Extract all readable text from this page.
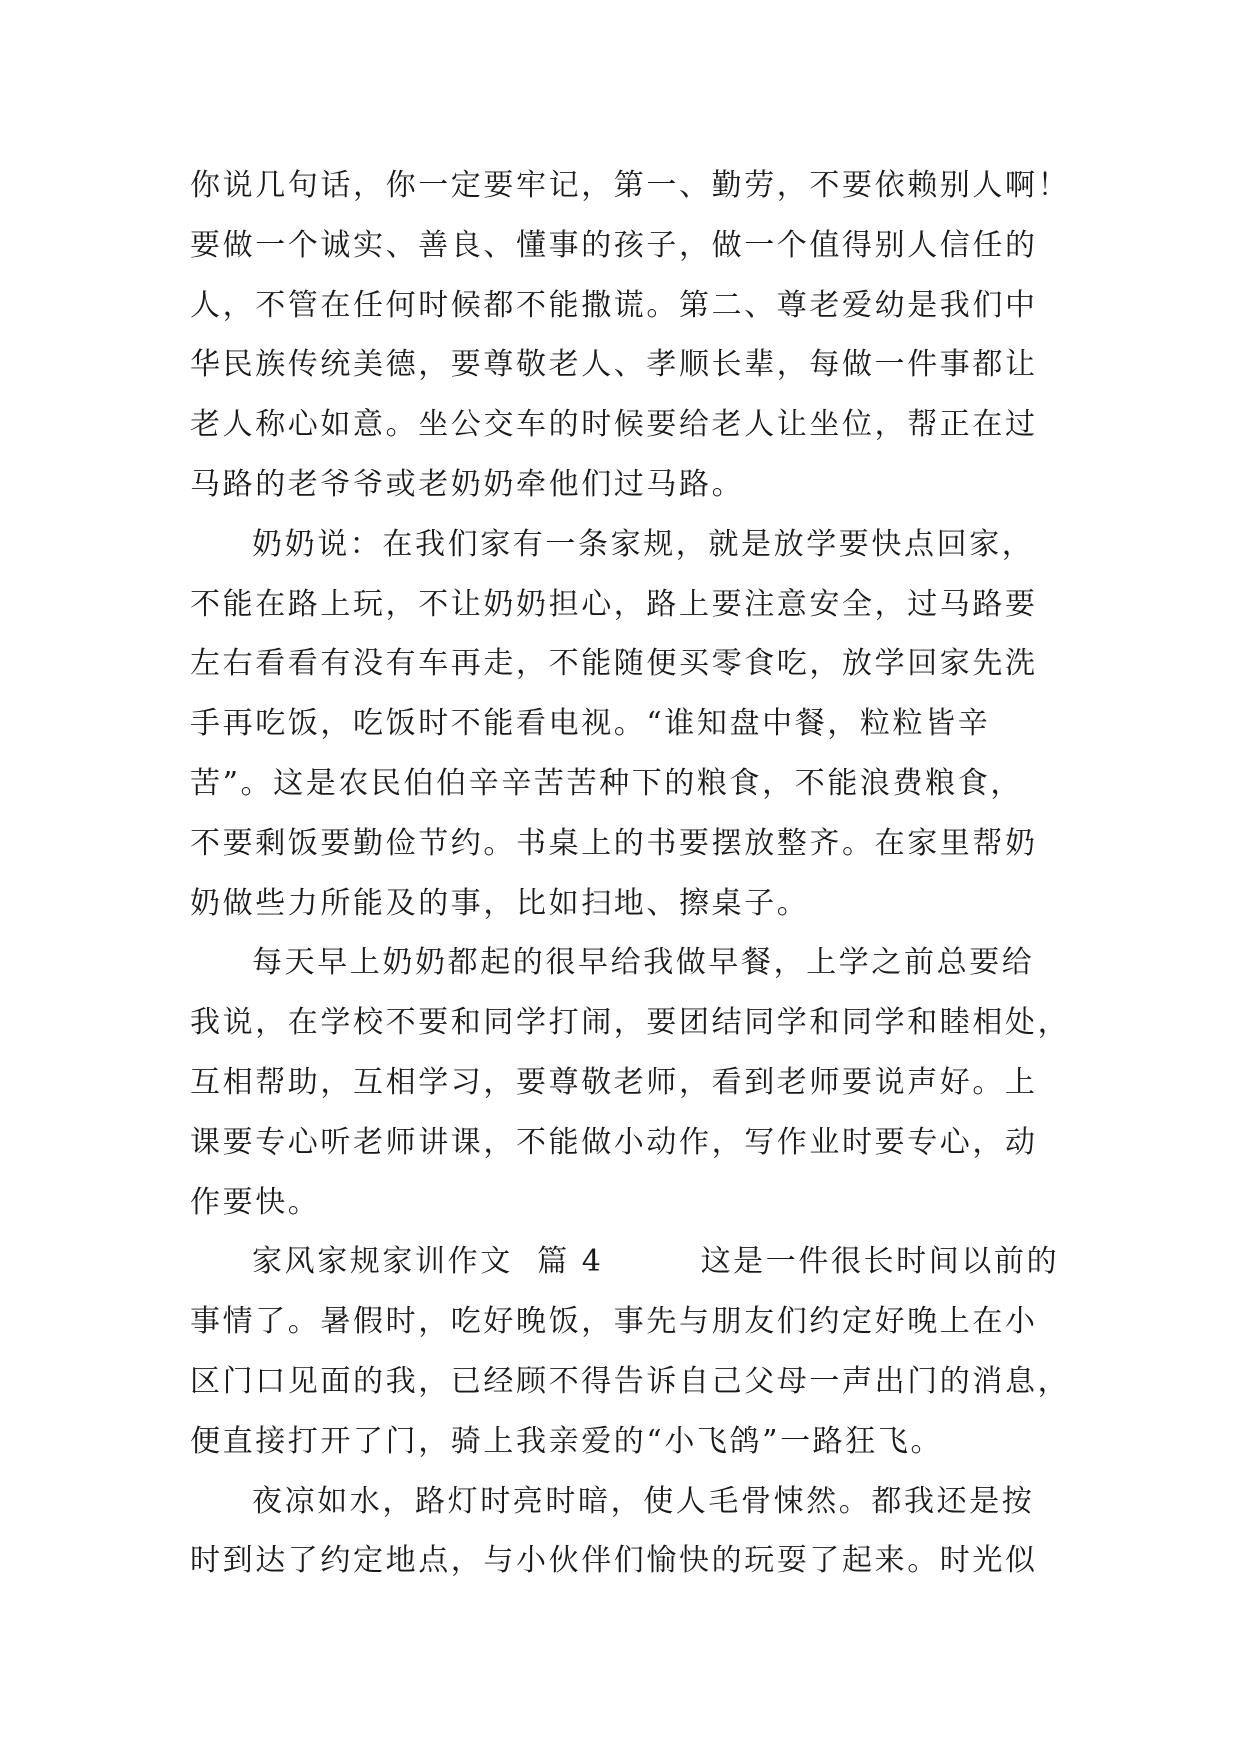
你说几句话，你一定要牢记，第一、勤劳，不要依赖别人啊！
要做一个诚实、善良、懂事的孩子，做一个值得别人信任的
人，不管在任何时候都不能撒谎。第二、尊老爱幼是我们中
华民族传统美德，要尊敬老人、孝顺长辈，每做一件事都让
老人称心如意。坐公交车的时候要给老人让坐位，帮正在过
马路的老爷爷或老奶奶牵他们过马路。
奶奶说：在我们家有一条家规，就是放学要快点回家，
不能在路上玩，不让奶奶担心，路上要注意安全，过马路要
左右看看有没有车再走，不能随便买零食吃，放学回家先洗
手再吃饭，吃饭时不能看电视。“谁知盘中餐，粒粒皆辛
苦”。这是农民伯伯辛辛苦苦种下的粮食，不能浪费粮食，
不要剩饭要勤俭节约。书桌上的书要摆放整齐。在家里帮奶
奶做些力所能及的事，比如扫地、擦桌子。
每天早上奶奶都起的很早给我做早餐，上学之前总要给
我说，在学校不要和同学打闹，要团结同学和同学和睦相处，
互相帮助，互相学习，要尊敬老师，看到老师要说声好。上
课要专心听老师讲课，不能做小动作，写作业时要专心，动
作要快。
家风家规家训作文  篇 4        这是一件很长时间以前的
事情了。暑假时，吃好晚饭，事先与朋友们约定好晚上在小
区门口见面的我，已经顾不得告诉自己父母一声出门的消息，
便直接打开了门，骑上我亲爱的“小飞鸽”一路狂飞。
夜凉如水，路灯时亮时暗，使人毛骨悚然。都我还是按
时到达了约定地点，与小伙伴们愉快的玩耍了起来。时光似
